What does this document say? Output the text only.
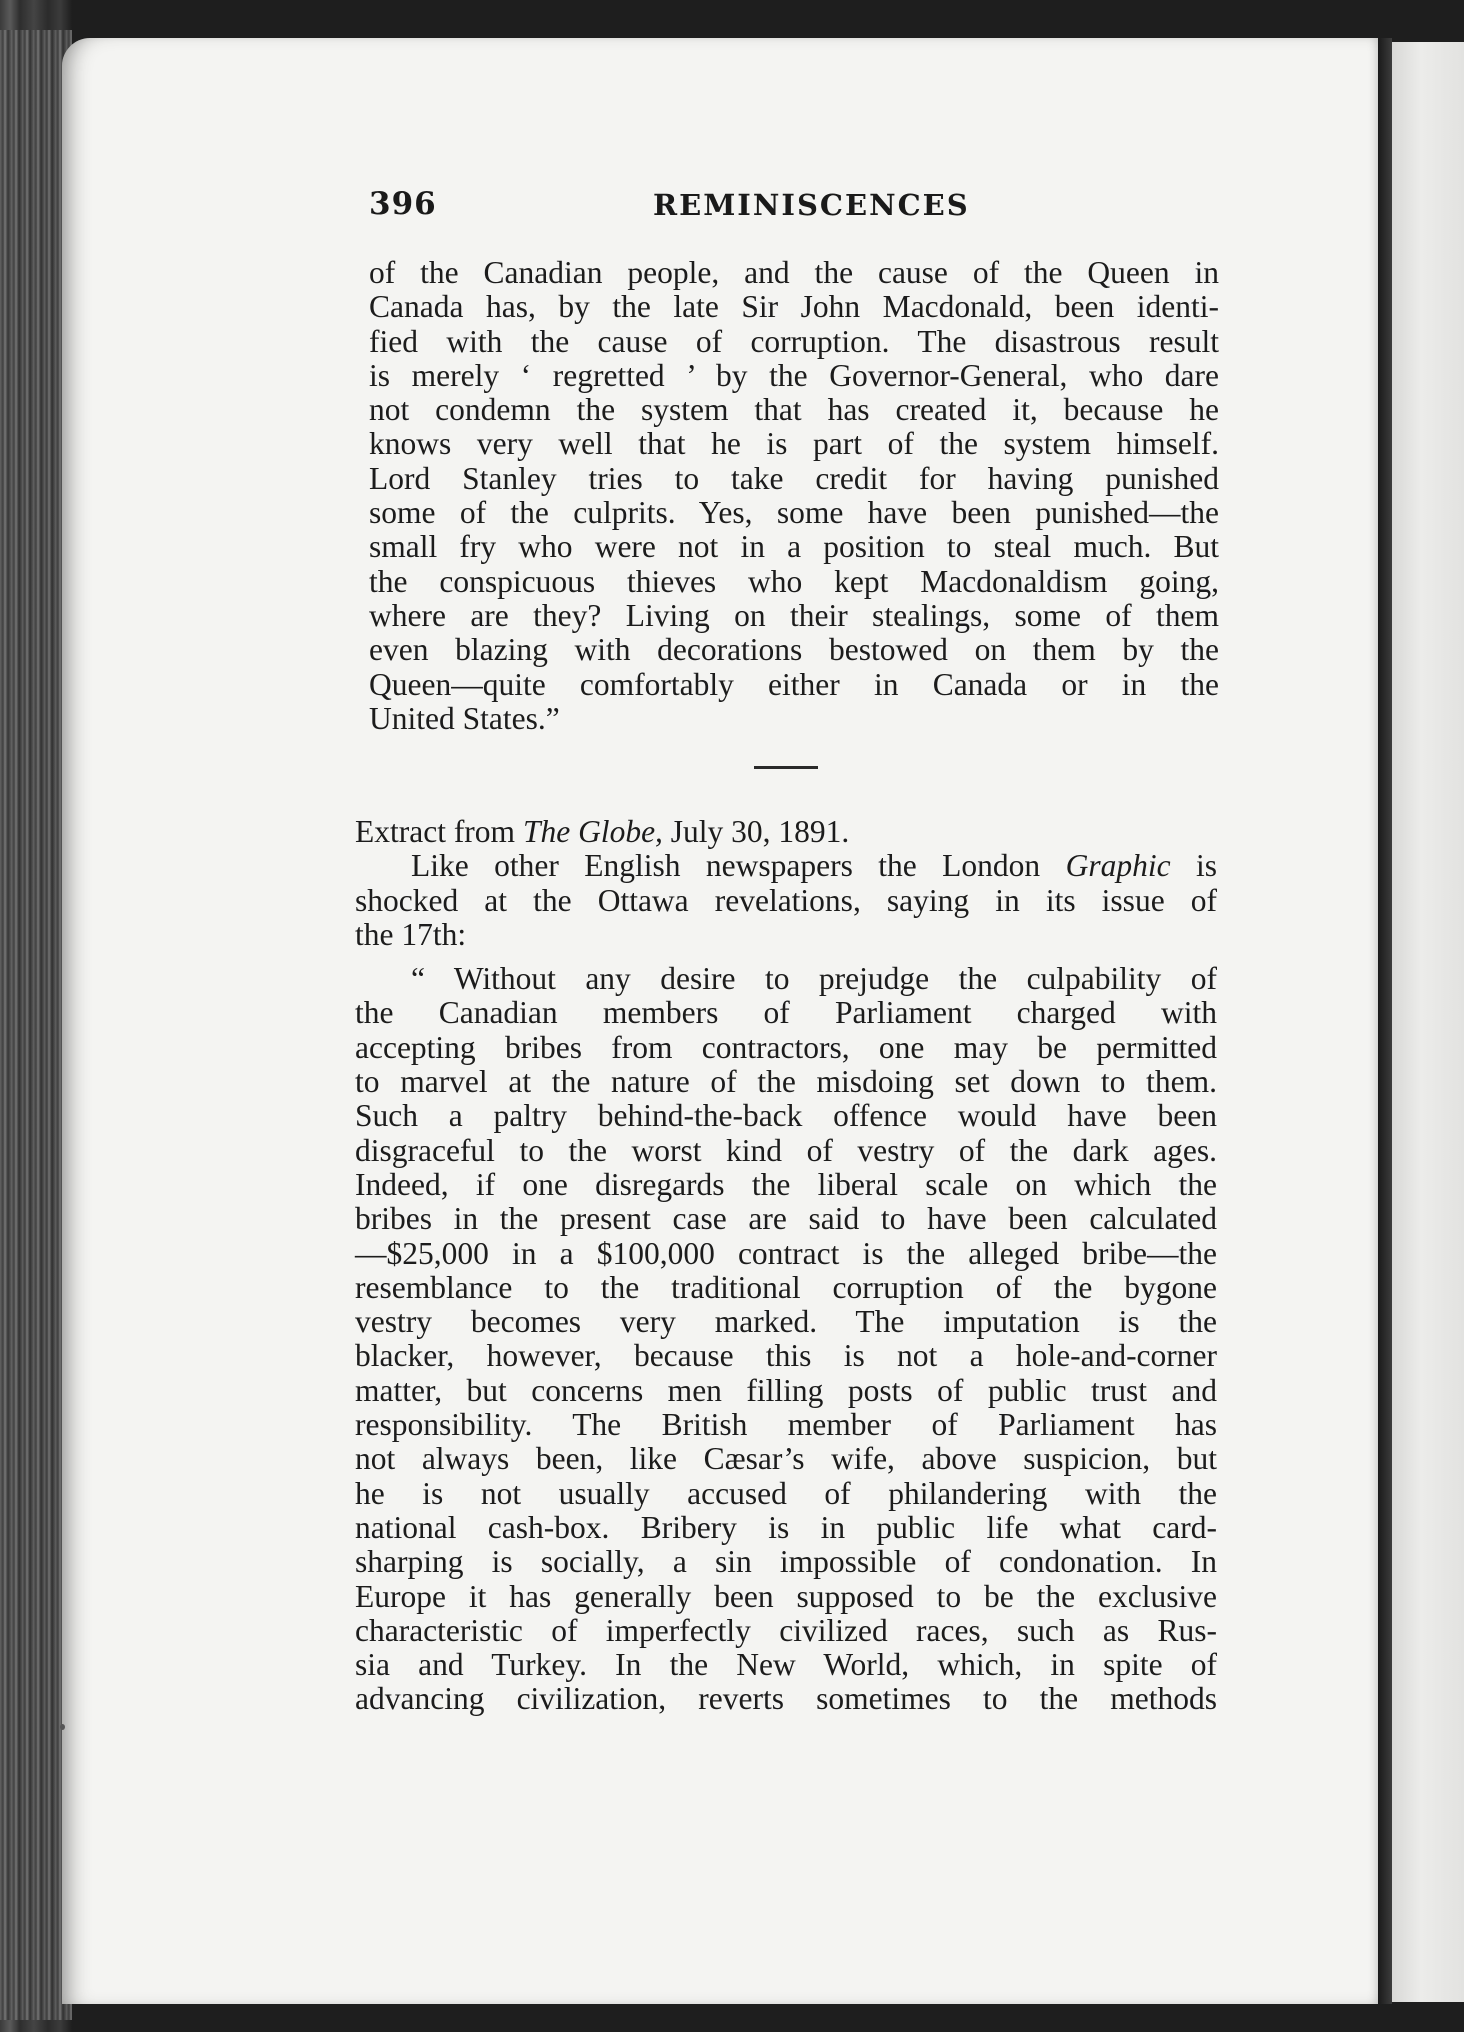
396	REMINISCENCES
of the Canadian people, and the cause of the Queen in
Canada has, by the late Sir John Macdonald, been identi-
fied with the cause of corruption. The disastrous result
is merely ‘ regretted ’ by the Governor-General, who dare
not condemn the system that has created it, because he
knows very well that he is part of the system himself.
Lord Stanley tries to take credit for having punished
some of the culprits. Yes, some have been punished—the
small fry who were not in a position to steal much. But
the conspicuous thieves who kept Macdonaldism going,
where are they? Living on their stealings, some of them
even blazing with decorations bestowed on them by the
Queen—quite comfortably either in Canada or in the
United States.”
Extract from The Globe, July 30, 1891.
Like other English newspapers the London Graphic is
shocked at the Ottawa revelations, saying in its issue of
the 17th:
“ Without any desire to prejudge the culpability of
the Canadian members of Parliament charged with
accepting bribes from contractors, one may be permitted
to marvel at the nature of the misdoing set down to them.
Such a paltry behind-the-back offence would have been
disgraceful to the worst kind of vestry of the dark ages.
Indeed, if one disregards the liberal scale on which the
bribes in the present case are said to have been calculated
—$25,000 in a $100,000 contract is the alleged bribe—the
resemblance to the traditional corruption of the bygone
vestry becomes very marked. The imputation is the
blacker, however, because this is not a hole-and-corner
matter, but concerns men filling posts of public trust and
responsibility. The British member of Parliament has
not always been, like Cæsar’s wife, above suspicion, but
he is not usually accused of philandering with the
national cash-box. Bribery is in public life what card-
sharping is socially, a sin impossible of condonation. In
Europe it has generally been supposed to be the exclusive
characteristic of imperfectly civilized races, such as Rus-
sia and Turkey. In the New World, which, in spite of
advancing civilization, reverts sometimes to the methods
